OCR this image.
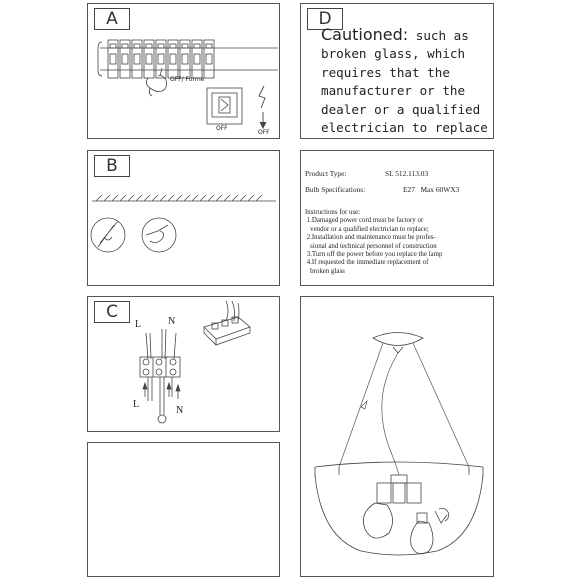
A
OFF/ Forme
OFF
OFF
D
Cautioned: such as
broken glass, which
requires that the
manufacturer or the
dealer or a qualified
electrician to replace
B	Product Type:	SL 512.113.03
Bulb Specifications:	E27   Max 60WX3
Instructions for use:
1.Damaged power cord must be factory or
vendor or a qualified electrician to replace;
2.Installation and maintenance must be profes-
sional and technical personnel of construction
3.Turn off the power before you replace the lamp
4.If requested the immediate replacement of
broken glass
C
L	N
L
N
